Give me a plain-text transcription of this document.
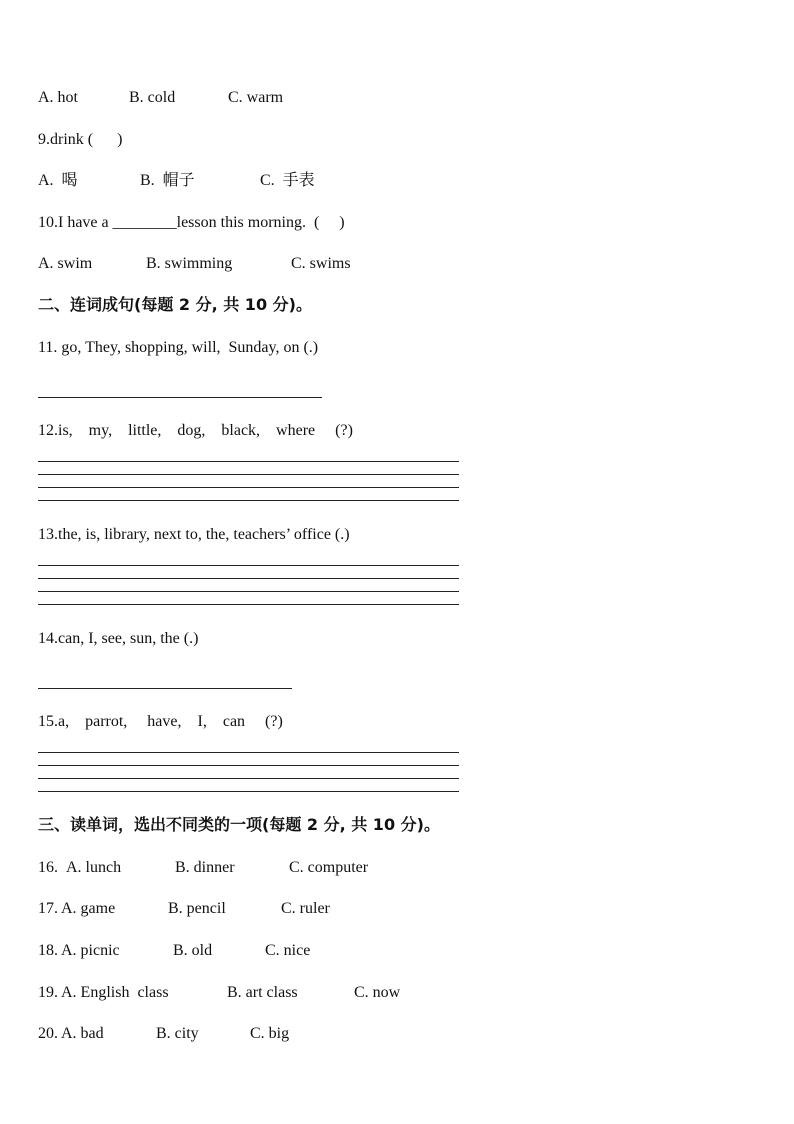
A. hot

	B. cold

	C. warm

9.drink (      )

A.  喝

	B.  帽子

	C.  手表

10.I have a ________lesson this morning.  (     )

A. swim

	B. swimming

	C. swims

二、连词成句(每题 2 分, 共 10 分)。
11. go, They, shopping, will,  Sunday, on (.)
12.is,    my,    little,    dog,    black,    where     (?)
13.the, is, library, next to, the, teachers’ office (.)
14.can, I, see, sun, the (.)
15.a,    parrot,     have,    I,    can     (?)
三、读单词，选出不同类的一项(每题 2 分, 共 10 分)。

16.

A. lunch

	B. dinner

	C. computer

17.

A. game

	B. pencil

	C. ruler

18.

A. picnic

	B. old

	C. nice

19.

A. English  class

	B. art class

	C. now

20.

A. bad

	B. city

	C. big
